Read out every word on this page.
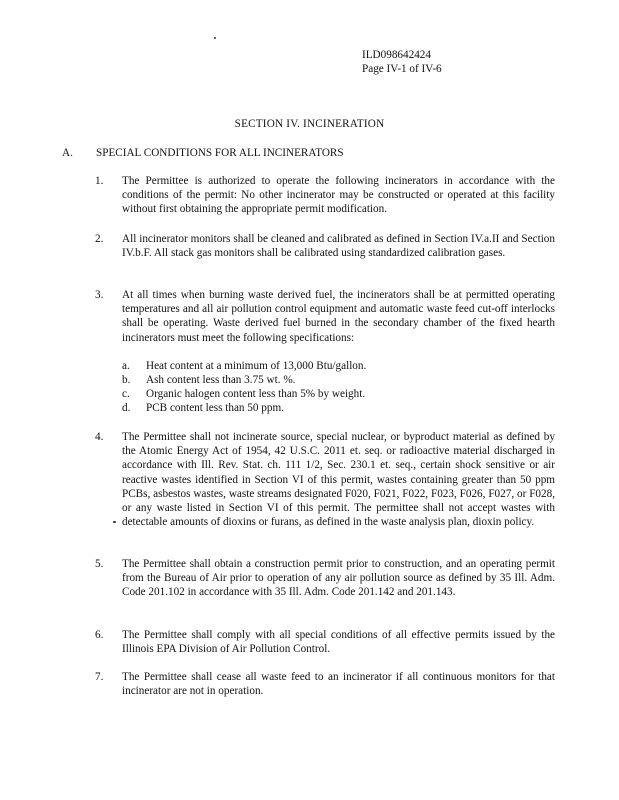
ILD098642424
Page IV-1 of IV-6
SECTION IV. INCINERATION
A. SPECIAL CONDITIONS FOR ALL INCINERATORS
1.	The Permittee is authorized to operate the following incinerators in accordance with the conditions of the permit: No other incinerator may be constructed or operated at this facility without first obtaining the appropriate permit modification.
2.	All incinerator monitors shall be cleaned and calibrated as defined in Section IV.a.II and Section IV.b.F. All stack gas monitors shall be calibrated using standardized calibration gases.
3.	At all times when burning waste derived fuel, the incinerators shall be at permitted operating temperatures and all air pollution control equipment and automatic waste feed cut-off interlocks shall be operating. Waste derived fuel burned in the secondary chamber of the fixed hearth incinerators must meet the following specifications:
a. Heat content at a minimum of 13,000 Btu/gallon.
b. Ash content less than 3.75 wt. %.
c. Organic halogen content less than 5% by weight.
d. PCB content less than 50 ppm.
4.	The Permittee shall not incinerate source, special nuclear, or byproduct material as defined by the Atomic Energy Act of 1954, 42 U.S.C. 2011 et. seq. or radioactive material discharged in accordance with Ill. Rev. Stat. ch. 111 1/2, Sec. 230.1 et. seq., certain shock sensitive or air reactive wastes identified in Section VI of this permit, wastes containing greater than 50 ppm PCBs, asbestos wastes, waste streams designated F020, F021, F022, F023, F026, F027, or F028, or any waste listed in Section VI of this permit. The permittee shall not accept wastes with detectable amounts of dioxins or furans, as defined in the waste analysis plan, dioxin policy.
5.	The Permittee shall obtain a construction permit prior to construction, and an operating permit from the Bureau of Air prior to operation of any air pollution source as defined by 35 Ill. Adm. Code 201.102 in accordance with 35 Ill. Adm. Code 201.142 and 201.143.
6.	The Permittee shall comply with all special conditions of all effective permits issued by the Illinois EPA Division of Air Pollution Control.
7.	The Permittee shall cease all waste feed to an incinerator if all continuous monitors for that incinerator are not in operation.
